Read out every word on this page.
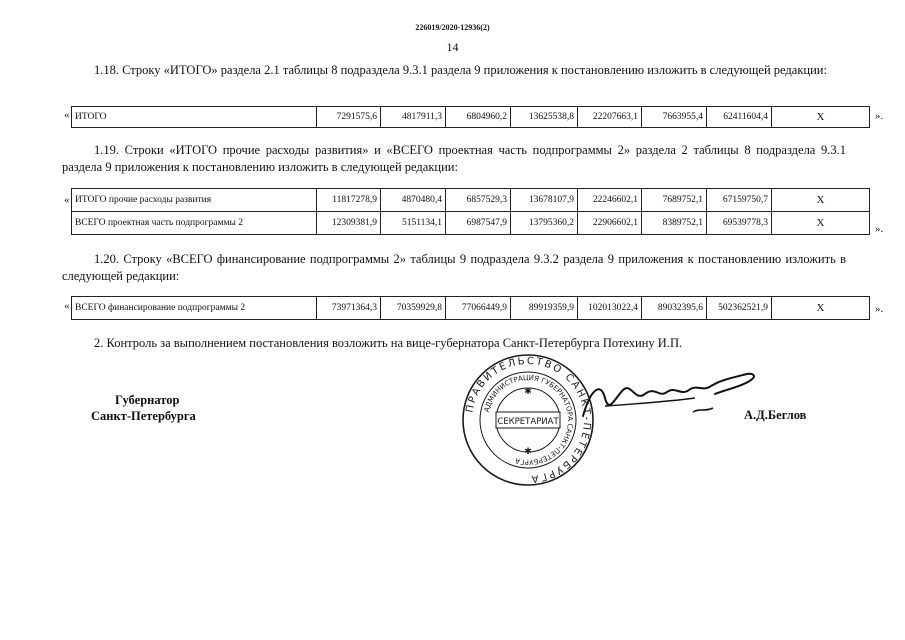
226019/2020-12936(2)
14
1.18. Строку «ИТОГО» раздела 2.1 таблицы 8 подраздела 9.3.1 раздела 9 приложения к постановлению изложить в следующей редакции:
« ИТОГО	7291575,6	4817911,3	6804960,2	13625538,8	22207663,1	7663955,4	62411604,4	Х	».
1.19. Строки «ИТОГО прочие расходы развития» и «ВСЕГО проектная часть подпрограммы 2» раздела 2 таблицы 8 подраздела 9.3.1 раздела 9 приложения к постановлению изложить в следующей редакции:
« ИТОГО прочие расходы развития	11817278,9	4870480,4	6857529,3	13678107,9	22246602,1	7689752,1	67159750,7	Х
ВСЕГО проектная часть подпрограммы 2	12309381,9	5151134,1	6987547,9	13795360,2	22906602,1	8389752,1	69539778,3	Х	».
1.20. Строку «ВСЕГО финансирование подпрограммы 2» таблицы 9 подраздела 9.3.2 раздела 9 приложения к постановлению изложить в следующей редакции:
« ВСЕГО финансирование подпрограммы 2	73971364,3	70359929,8	77066449,9	89919359,9	102013022,4	89032395,6	502362521,9	Х	».
2. Контроль за выполнением постановления возложить на вице-губернатора Санкт-Петербурга Потехину И.П.
Губернатор
Санкт-Петербурга	А.Д.Беглов
ПРАВИТЕЛЬСТВО САНКТ-ПЕТЕРБУРГА
АДМИНИСТРАЦИЯ ГУБЕРНАТОРА САНКТ-ПЕТЕРБУРГА
СЕКРЕТАРИАТ
✱
✱
